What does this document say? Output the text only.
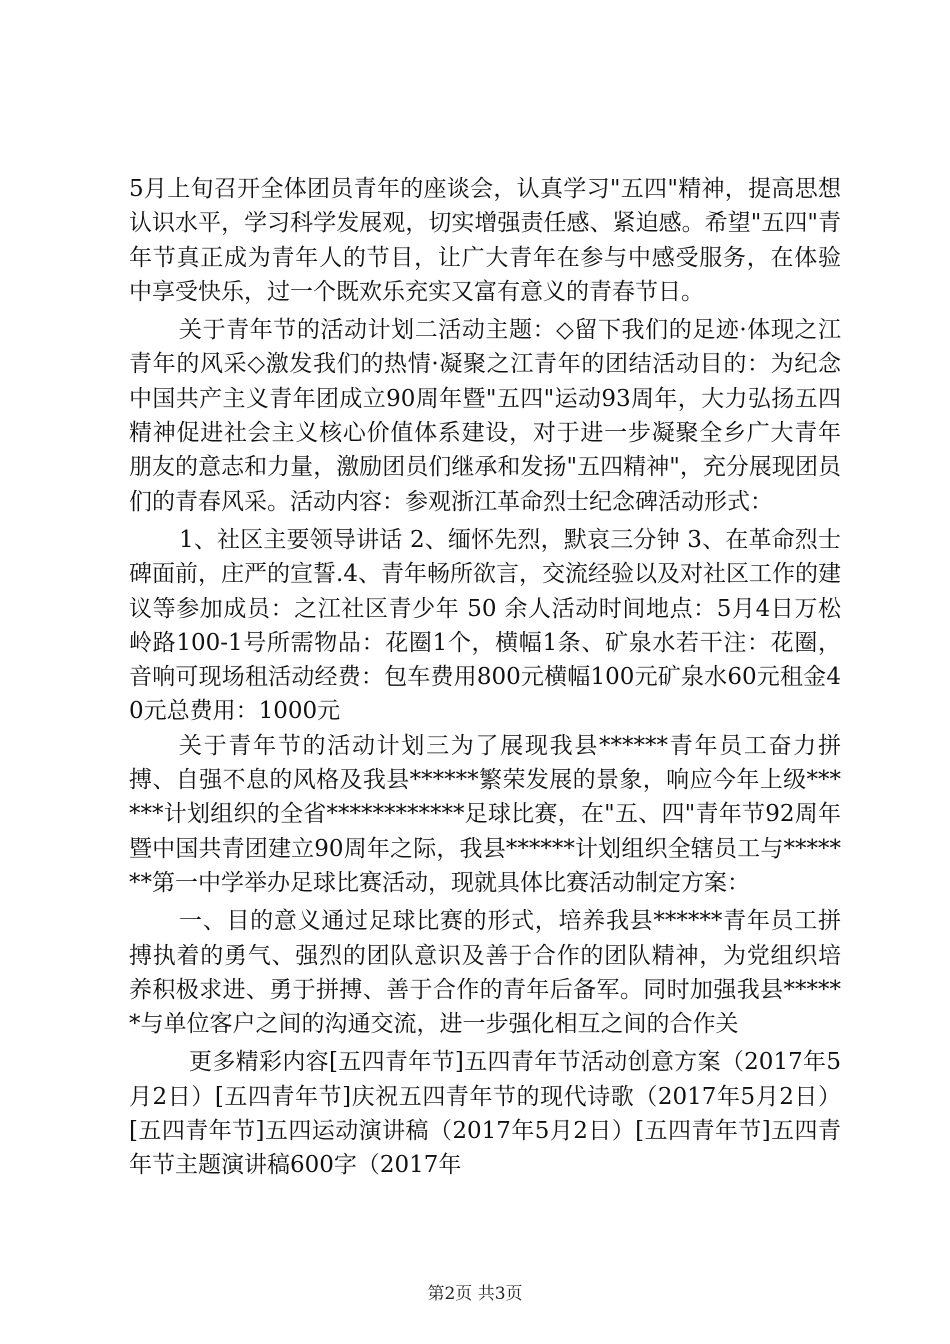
5月上旬召开全体团员青年的座谈会，认真学习"五四"精神，提高思想认识水平，学习科学发展观，切实增强责任感、紧迫感。希望"五四"青年节真正成为青年人的节目，让广大青年在参与中感受服务，在体验中享受快乐，过一个既欢乐充实又富有意义的青春节日。

关于青年节的活动计划二活动主题：◇留下我们的足迹·体现之江青年的风采◇激发我们的热情·凝聚之江青年的团结活动目的：为纪念中国共产主义青年团成立90周年暨"五四"运动93周年，大力弘扬五四精神促进社会主义核心价值体系建设，对于进一步凝聚全乡广大青年朋友的意志和力量，激励团员们继承和发扬"五四精神"，充分展现团员们的青春风采。活动内容：参观浙江革命烈士纪念碑活动形式：

1、社区主要领导讲话 2、缅怀先烈，默哀三分钟 3、在革命烈士碑面前，庄严的宣誓.4、青年畅所欲言，交流经验以及对社区工作的建议等参加成员：之江社区青少年 50 余人活动时间地点：5月4日万松岭路100-1号所需物品：花圈1个，横幅1条、矿泉水若干注：花圈，音响可现场租活动经费：包车费用800元横幅100元矿泉水60元租金40元总费用：1000元

关于青年节的活动计划三为了展现我县******青年员工奋力拼搏、自强不息的风格及我县******繁荣发展的景象，响应今年上级******计划组织的全省************足球比赛，在"五、四"青年节92周年暨中国共青团建立90周年之际，我县******计划组织全辖员工与*******第一中学举办足球比赛活动，现就具体比赛活动制定方案：

一、目的意义通过足球比赛的形式，培养我县******青年员工拼搏执着的勇气、强烈的团队意识及善于合作的团队精神，为党组织培养积极求进、勇于拼搏、善于合作的青年后备军。同时加强我县******与单位客户之间的沟通交流，进一步强化相互之间的合作关

更多精彩内容[五四青年节]五四青年节活动创意方案（2017年5月2日）[五四青年节]庆祝五四青年节的现代诗歌（2017年5月2日）[五四青年节]五四运动演讲稿（2017年5月2日）[五四青年节]五四青年节主题演讲稿600字（2017年

第2页 共3页
